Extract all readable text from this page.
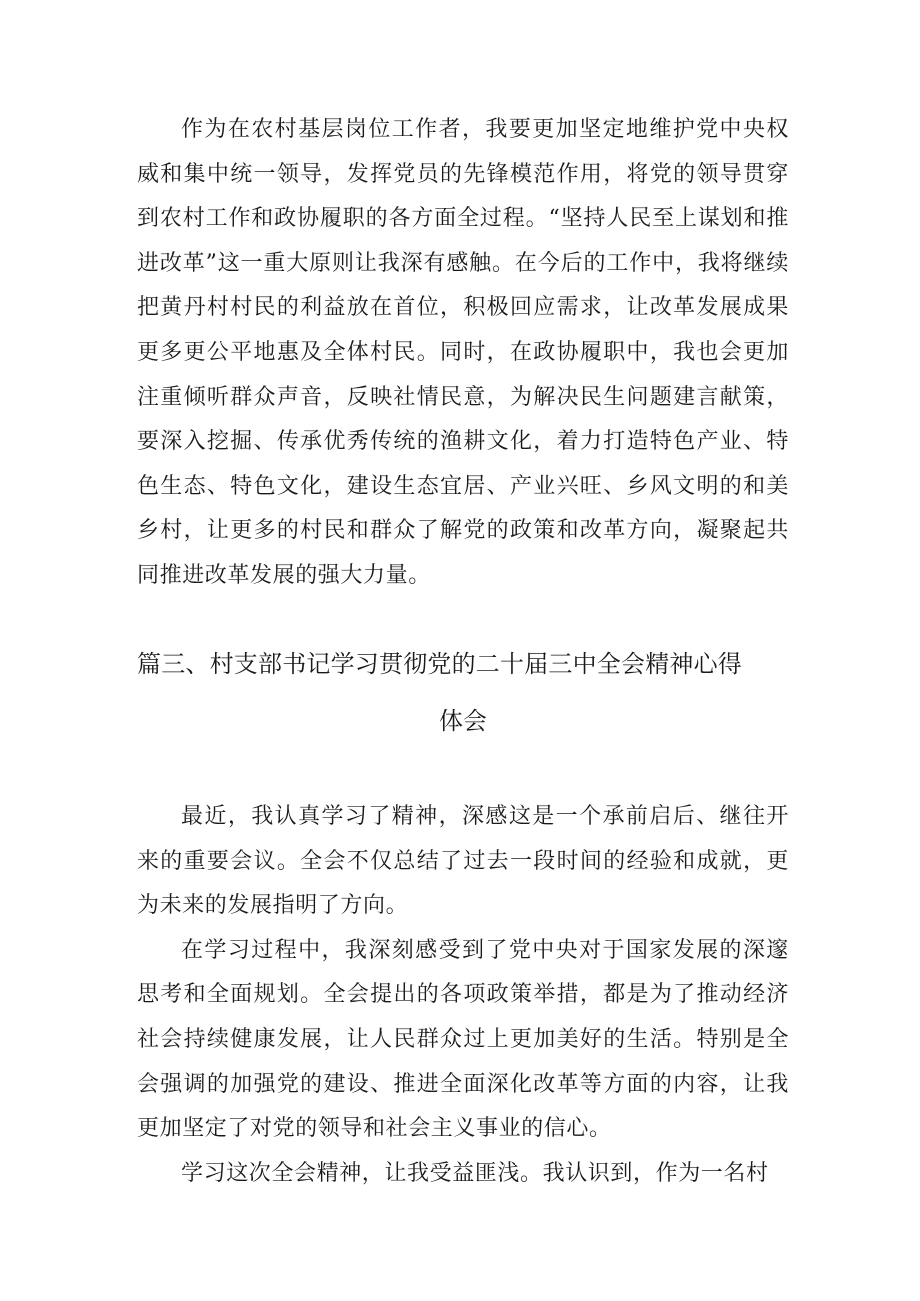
作为在农村基层岗位工作者，我要更加坚定地维护党中央权威和集中统一领导，发挥党员的先锋模范作用，将党的领导贯穿到农村工作和政协履职的各方面全过程。“坚持人民至上谋划和推进改革”这一重大原则让我深有感触。在今后的工作中，我将继续把黄丹村村民的利益放在首位，积极回应需求，让改革发展成果更多更公平地惠及全体村民。同时，在政协履职中，我也会更加注重倾听群众声音，反映社情民意，为解决民生问题建言献策，要深入挖掘、传承优秀传统的渔耕文化，着力打造特色产业、特色生态、特色文化，建设生态宜居、产业兴旺、乡风文明的和美乡村，让更多的村民和群众了解党的政策和改革方向，凝聚起共同推进改革发展的强大力量。

篇三、村支部书记学习贯彻党的二十届三中全会精神心得
体会

最近，我认真学习了精神，深感这是一个承前启后、继往开来的重要会议。全会不仅总结了过去一段时间的经验和成就，更为未来的发展指明了方向。

在学习过程中，我深刻感受到了党中央对于国家发展的深邃思考和全面规划。全会提出的各项政策举措，都是为了推动经济社会持续健康发展，让人民群众过上更加美好的生活。特别是全会强调的加强党的建设、推进全面深化改革等方面的内容，让我更加坚定了对党的领导和社会主义事业的信心。

学习这次全会精神，让我受益匪浅。我认识到，作为一名村
